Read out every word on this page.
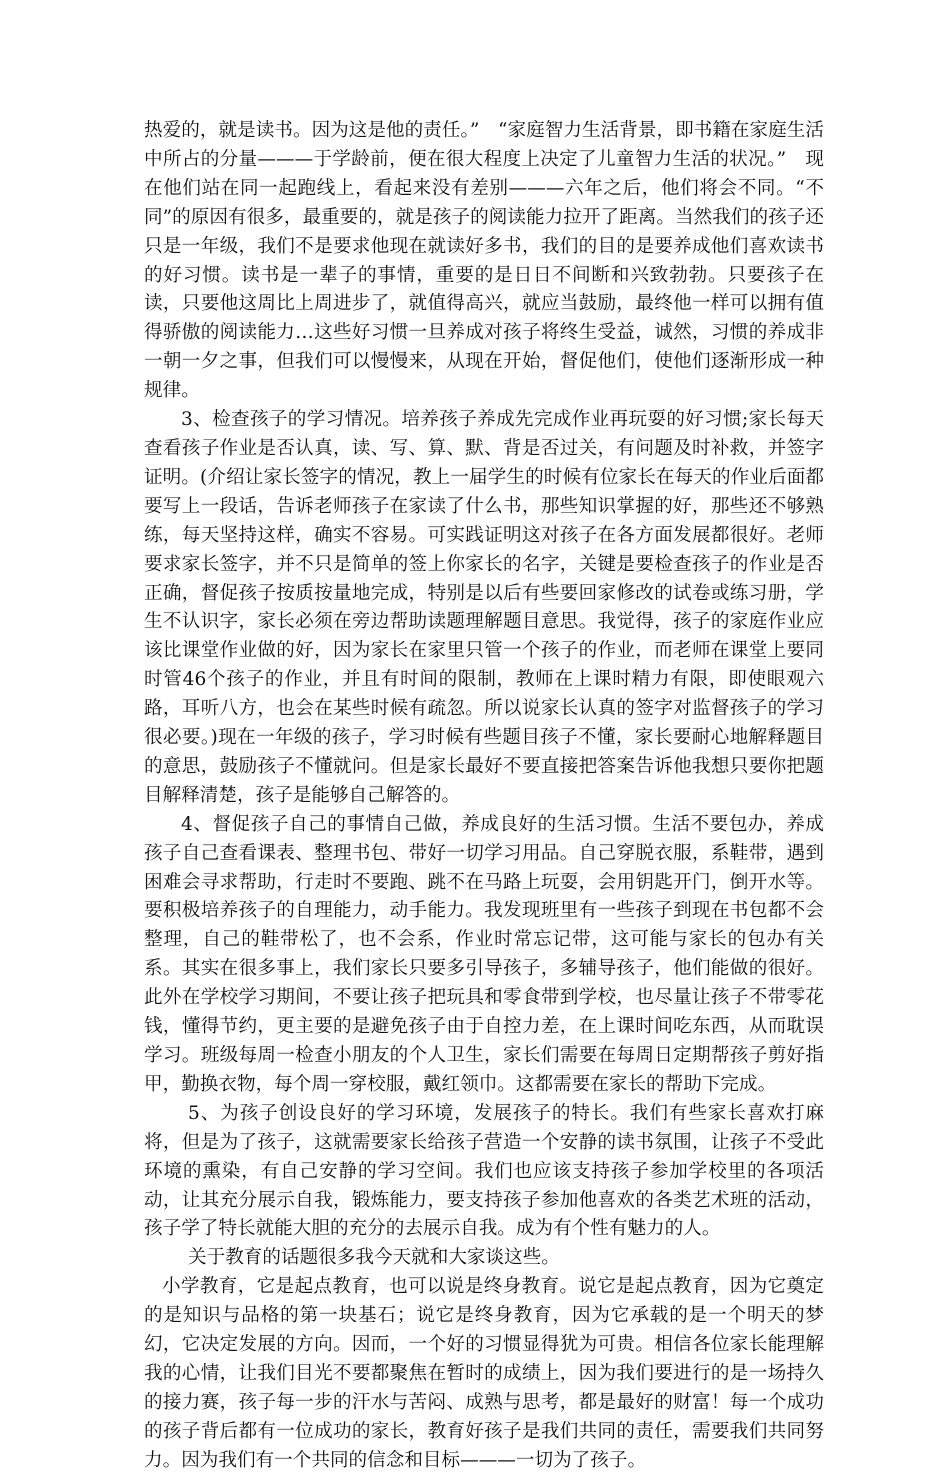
热爱的，就是读书。因为这是他的责任。”　“家庭智力生活背景，即书籍在家庭生活中所占的分量———于学龄前，便在很大程度上决定了儿童智力生活的状况。”　现在他们站在同一起跑线上，看起来没有差别———六年之后，他们将会不同。“不同”的原因有很多，最重要的，就是孩子的阅读能力拉开了距离。当然我们的孩子还只是一年级，我们不是要求他现在就读好多书，我们的目的是要养成他们喜欢读书的好习惯。读书是一辈子的事情，重要的是日日不间断和兴致勃勃。只要孩子在读，只要他这周比上周进步了，就值得高兴，就应当鼓励，最终他一样可以拥有值得骄傲的阅读能力…这些好习惯一旦养成对孩子将终生受益，诚然，习惯的养成非一朝一夕之事，但我们可以慢慢来，从现在开始，督促他们，使他们逐渐形成一种规律。

3、检查孩子的学习情况。培养孩子养成先完成作业再玩耍的好习惯;家长每天查看孩子作业是否认真，读、写、算、默、背是否过关，有问题及时补救，并签字证明。(介绍让家长签字的情况，教上一届学生的时候有位家长在每天的作业后面都要写上一段话，告诉老师孩子在家读了什么书，那些知识掌握的好，那些还不够熟练，每天坚持这样，确实不容易。可实践证明这对孩子在各方面发展都很好。老师要求家长签字，并不只是简单的签上你家长的名字，关键是要检查孩子的作业是否正确，督促孩子按质按量地完成，特别是以后有些要回家修改的试卷或练习册，学生不认识字，家长必须在旁边帮助读题理解题目意思。我觉得，孩子的家庭作业应该比课堂作业做的好，因为家长在家里只管一个孩子的作业，而老师在课堂上要同时管46个孩子的作业，并且有时间的限制，教师在上课时精力有限，即使眼观六路，耳听八方，也会在某些时候有疏忽。所以说家长认真的签字对监督孩子的学习很必要。)现在一年级的孩子，学习时候有些题目孩子不懂，家长要耐心地解释题目的意思，鼓励孩子不懂就问。但是家长最好不要直接把答案告诉他我想只要你把题目解释清楚，孩子是能够自己解答的。

4、督促孩子自己的事情自己做，养成良好的生活习惯。生活不要包办，养成孩子自己查看课表、整理书包、带好一切学习用品。自己穿脱衣服，系鞋带，遇到困难会寻求帮助，行走时不要跑、跳不在马路上玩耍，会用钥匙开门，倒开水等。要积极培养孩子的自理能力，动手能力。我发现班里有一些孩子到现在书包都不会整理，自己的鞋带松了，也不会系，作业时常忘记带，这可能与家长的包办有关系。其实在很多事上，我们家长只要多引导孩子，多辅导孩子，他们能做的很好。此外在学校学习期间，不要让孩子把玩具和零食带到学校，也尽量让孩子不带零花钱，懂得节约，更主要的是避免孩子由于自控力差，在上课时间吃东西，从而耽误学习。班级每周一检查小朋友的个人卫生，家长们需要在每周日定期帮孩子剪好指甲，勤换衣物，每个周一穿校服，戴红领巾。这都需要在家长的帮助下完成。

5、为孩子创设良好的学习环境，发展孩子的特长。我们有些家长喜欢打麻将，但是为了孩子，这就需要家长给孩子营造一个安静的读书氛围，让孩子不受此环境的熏染，有自己安静的学习空间。我们也应该支持孩子参加学校里的各项活动，让其充分展示自我，锻炼能力，要支持孩子参加他喜欢的各类艺术班的活动，孩子学了特长就能大胆的充分的去展示自我。成为有个性有魅力的人。

关于教育的话题很多我今天就和大家谈这些。

小学教育，它是起点教育，也可以说是终身教育。说它是起点教育，因为它奠定的是知识与品格的第一块基石；说它是终身教育，因为它承载的是一个明天的梦幻，它决定发展的方向。因而，一个好的习惯显得犹为可贵。相信各位家长能理解我的心情，让我们目光不要都聚焦在暂时的成绩上，因为我们要进行的是一场持久的接力赛，孩子每一步的汗水与苦闷、成熟与思考，都是最好的财富！每一个成功的孩子背后都有一位成功的家长，教育好孩子是我们共同的责任，需要我们共同努力。因为我们有一个共同的信念和目标———一切为了孩子。
